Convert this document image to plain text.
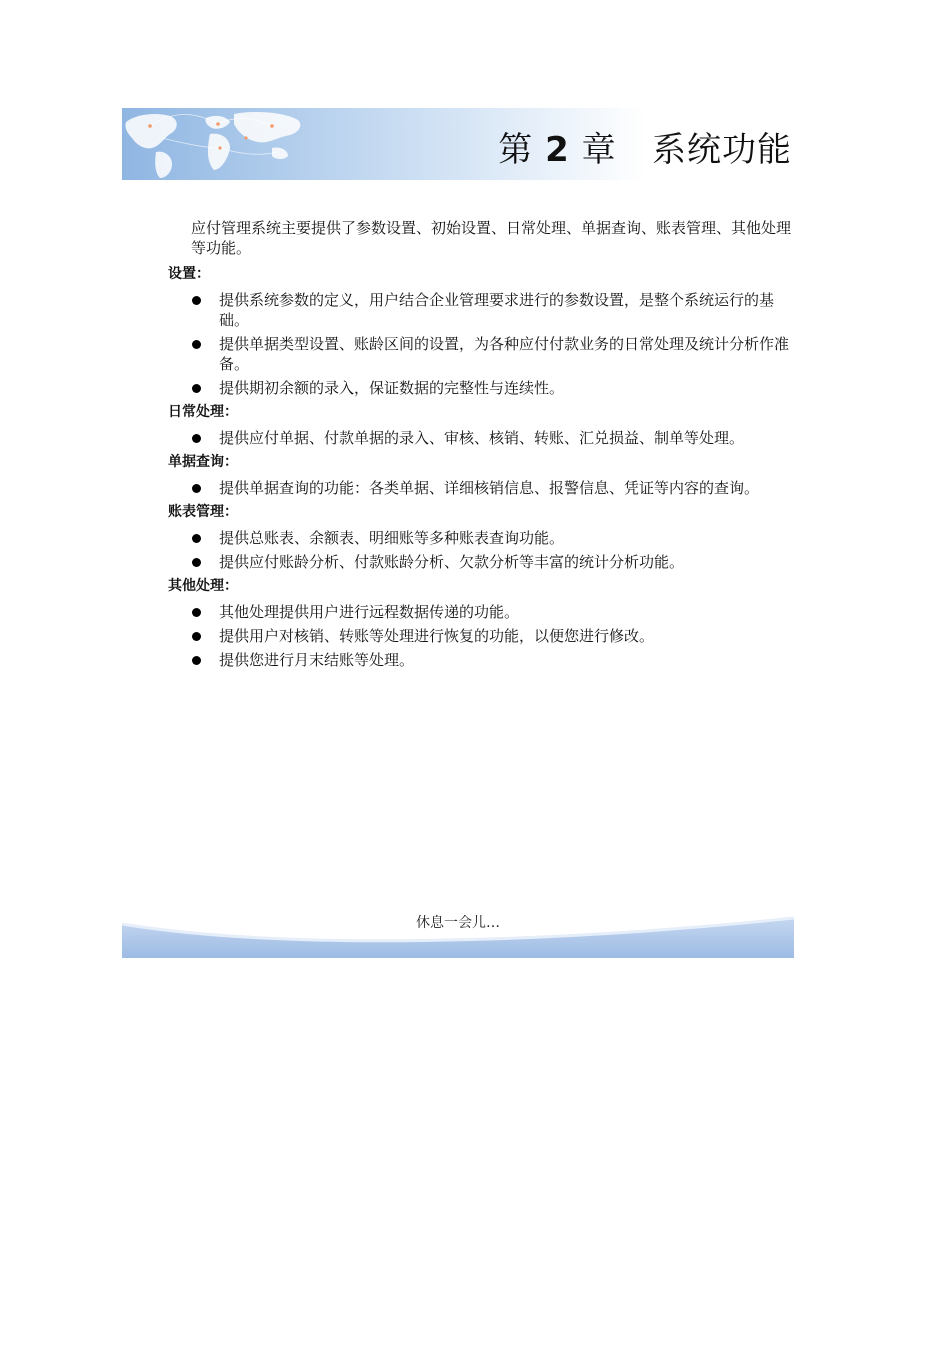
第 2 章 系统功能

应付管理系统主要提供了参数设置、初始设置、日常处理、单据查询、账表管理、其他处理等功能。

设置：
提供系统参数的定义，用户结合企业管理要求进行的参数设置，是整个系统运行的基础。
提供单据类型设置、账龄区间的设置，为各种应付付款业务的日常处理及统计分析作准备。
提供期初余额的录入，保证数据的完整性与连续性。
日常处理：
提供应付单据、付款单据的录入、审核、核销、转账、汇兑损益、制单等处理。
单据查询：
提供单据查询的功能：各类单据、详细核销信息、报警信息、凭证等内容的查询。
账表管理：
提供总账表、余额表、明细账等多种账表查询功能。
提供应付账龄分析、付款账龄分析、欠款分析等丰富的统计分析功能。
其他处理：
其他处理提供用户进行远程数据传递的功能。
提供用户对核销、转账等处理进行恢复的功能，以便您进行修改。
提供您进行月末结账等处理。
休息一会儿…
